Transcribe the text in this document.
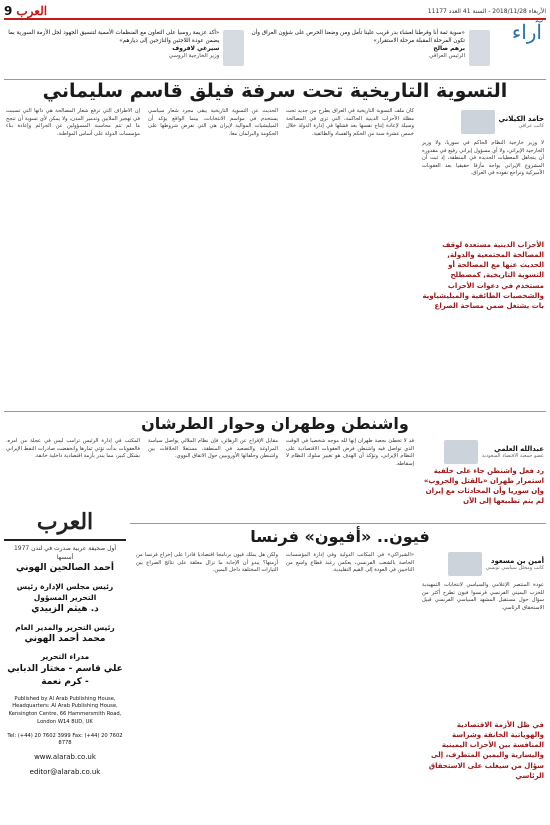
الأربعاء 2018/11/28 - السنة 41 العدد 11177
العرب
9
آراء
«سوية ثمة أنا وقرطنا لعشاء بدر قريب علينا تأمل ومن وضعنا الحرص على شؤون العراق وأن تكون المرحلة المقبلة مرحلة الاستقرار»
برهم صالح
الرئيس العراقي
«أكد عزيمة روسيا على التعاون مع المنظمات الأممية لتنسيق الجهود لحل الأزمة السورية بما يضمن عودة اللاجئين والنازحين إلى ديارهم»
سيرغي لافروف
وزير الخارجية الروسي
التسوية التاريخية تحت سرفة فيلق قاسم سليماني
حامد الكيلاني
كاتب عراقي
الأحزاب الدينية مستعدة لوقف المصالحة المجتمعية والدولة, الحديث عنها مع المصالحة أو التسوية التاريخية, كمصطلح مستخدم في دعوات الأحزاب والشخصيات الطائفية والميليشياوية بات يشتغل ضمن مساحة الصراع
لا وزير خارجية النظام الحاكم في سوريا، ولا وزير الخارجية الإيراني، ولا أي مسؤول إيراني رفيع في مقدوره أن يتجاهل المعطيات الجديدة في المنطقة، إذ ثبت أن المشروع الإيراني يواجه مأزقا حقيقيا بعد العقوبات الأميركية وتراجع نفوذه في العراق.
كان ملف التسوية التاريخية في العراق يطرح من جديد تحت مظلة الأحزاب الدينية الحاكمة، التي ترى في المصالحة وسيلة لإعادة إنتاج نفسها بعد فشلها في إدارة الدولة خلال خمس عشرة سنة من الحكم والفساد والطائفية.
الحديث عن التسوية التاريخية يبقى مجرد شعار سياسي يستخدم في مواسم الانتخابات، بينما الواقع يؤكد أن الميليشيات الموالية لإيران هي التي تفرض شروطها على الحكومة والبرلمان معا.
إن الأطراف التي ترفع شعار المصالحة هي ذاتها التي تسببت في تهجير الملايين وتدمير المدن، ولا يمكن لأي تسوية أن تنجح ما لم تتم محاسبة المسؤولين عن الجرائم وإعادة بناء مؤسسات الدولة على أساس المواطنة.
واشنطن وطهران وحوار الطرشان
عبدالله العلمي
عضو جمعية الاقتصاد السعودية
رد فعل واشنطن جاء على خلفية استمرار طهران «بالقتل والحروب» وإن سوريا وأن المحادثات مع إيران لم يتم تطبيعها إلى الآن
قد لا تخطئ بجعبة طهران إنها لله موجه شخصيا في الوقت الذي تواصل فيه واشنطن فرض العقوبات الاقتصادية على النظام الإيراني، وتؤكد أن الهدف هو تغيير سلوك النظام لا إسقاطه.
مقابل الإفراج عن الرهائن، فإن نظام الملالي يواصل سياسة المراوغة والتصعيد في المنطقة، مستغلا الخلافات بين واشنطن وحلفائها الأوروبيين حول الاتفاق النووي.
المكتب في إدارة الرئيس ترامب ليس في عجلة من أمره، فالعقوبات بدأت تؤتي ثمارها وانخفضت صادرات النفط الإيراني بشكل كبير، مما ينذر بأزمة اقتصادية داخلية خانقة.
فيون.. «أفيون» فرنسا
أمين بن مسعود
كاتب ومحلل سياسي تونسي
في ظل الأزمة الاقتصادية والهوياتية الخانقة وشراسة المنافسة بين الأحزاب اليمينية واليسارية واليمين المتطرف، إلى سؤال من سيغلب على الاستحقاق الرئاسي
عودة المنتصر الإعلامي والسياسي لانتخابات التمهيدية للحزب اليميني الفرنسي فرنسوا فيون تطرح أكثر من سؤال حول مستقبل المشهد السياسي الفرنسي قبيل الاستحقاق الرئاسي.
«الشيراكي» في المكاتب الدولية وفي إدارة المؤسسات الخاصة بالشعب الفرنسي، يعكس رغبة قطاع واسع من الناخبين في العودة إلى القيم التقليدية.
ولكن هل يملك فيون برنامجا اقتصاديا قادرا على إخراج فرنسا من أزمتها؟ يبدو أن الإجابة ما تزال معلقة على نتائج الصراع بين التيارات المختلفة داخل اليمين.
العرب
أول صحيفة عربية صدرت في لندن 1977
أسسها
أحمد الصالحين الهوني
رئيس مجلس الإدارة رئيس التحرير المسؤول
د. هيثم الزبيدي
رئيس التحرير والمدير العام
محمد أحمد الهوني
مدراء التحرير
علي قاسم - مختار الدبابي - كرم نعمة
Published by Al Arab Publishing House, Headquarters: Al Arab Publishing House, Kensington Centre, 66 Hammersmith Road, London W14 8UD, UK
Tel: (+44) 20 7602 3999 Fax: (+44) 20 7602 8778
www.alarab.co.uk
editor@alarab.co.uk
